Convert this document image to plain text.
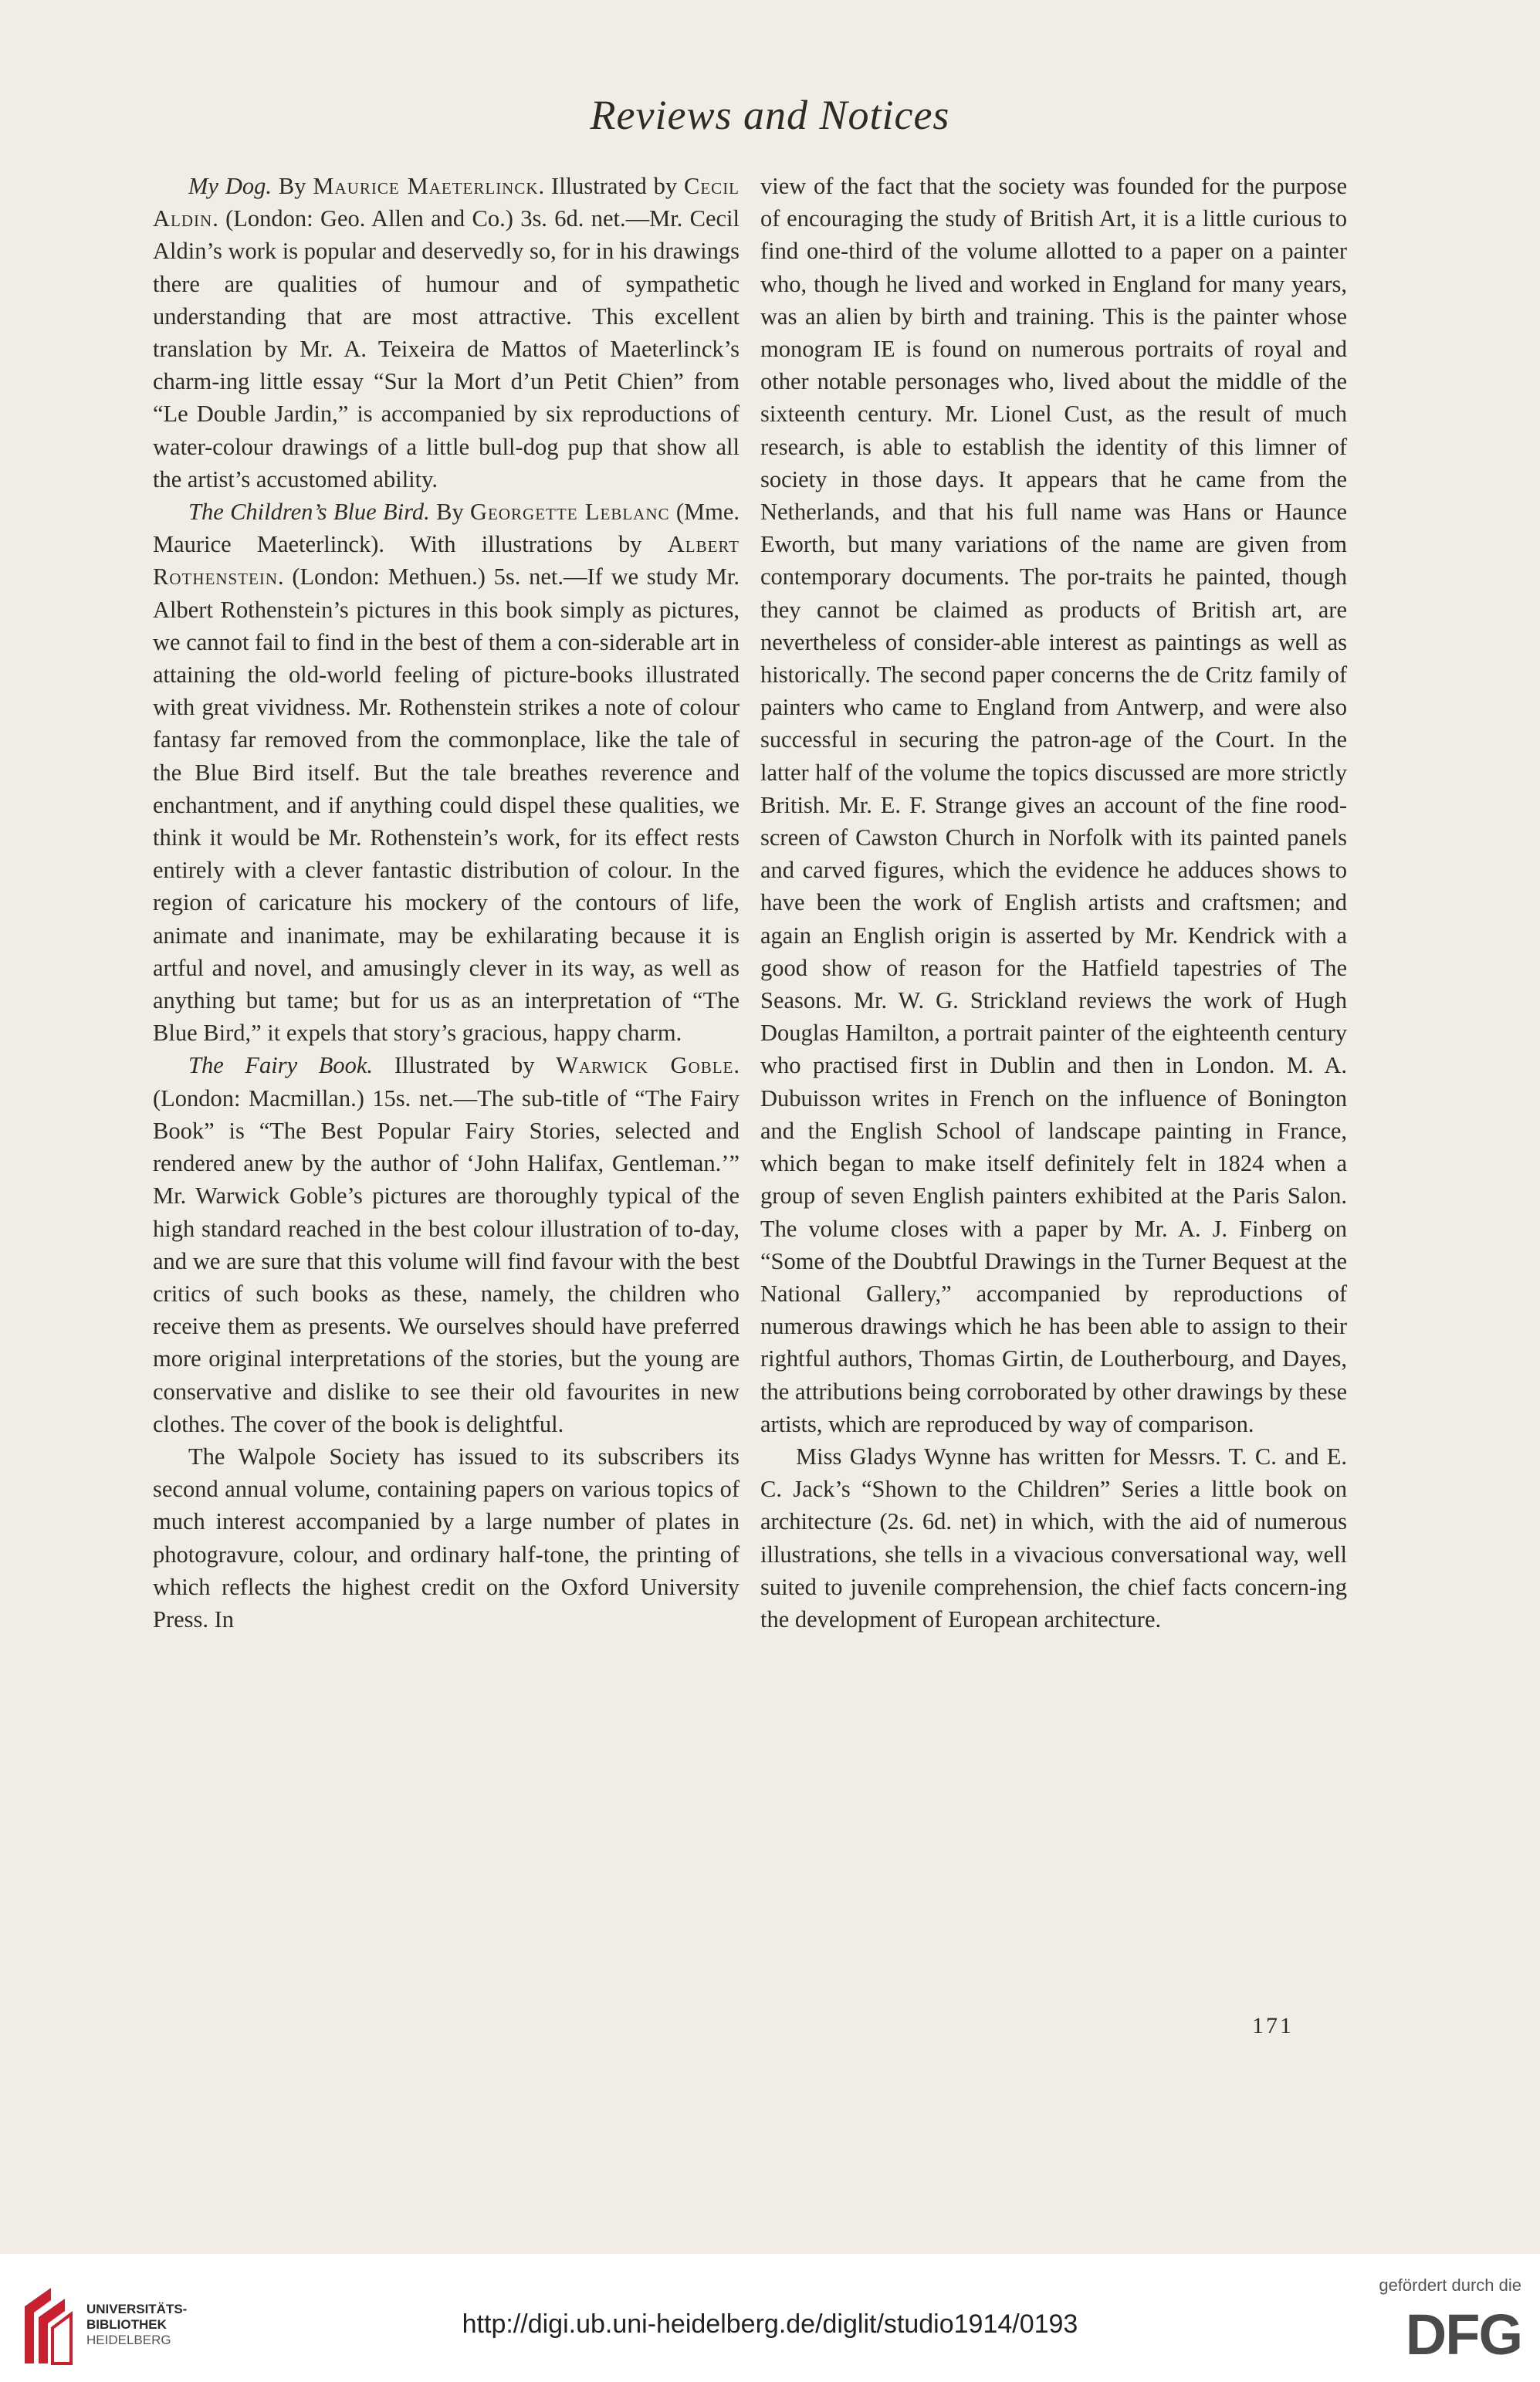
Reviews and Notices

My Dog. By Maurice Maeterlinck. Illustrated by Cecil Aldin. (London: Geo. Allen and Co.) 3s. 6d. net.—Mr. Cecil Aldin’s work is popular and deservedly so, for in his drawings there are qualities of humour and of sympathetic understanding that are most attractive. This excellent translation by Mr. A. Teixeira de Mattos of Maeterlinck’s charm-ing little essay “Sur la Mort d’un Petit Chien” from “Le Double Jardin,” is accompanied by six reproductions of water-colour drawings of a little bull-dog pup that show all the artist’s accustomed ability.

The Children’s Blue Bird. By Georgette Leblanc (Mme. Maurice Maeterlinck). With illustrations by Albert Rothenstein. (London: Methuen.) 5s. net.—If we study Mr. Albert Rothenstein’s pictures in this book simply as pictures, we cannot fail to find in the best of them a con-siderable art in attaining the old-world feeling of picture-books illustrated with great vividness. Mr. Rothenstein strikes a note of colour fantasy far removed from the commonplace, like the tale of the Blue Bird itself. But the tale breathes reverence and enchantment, and if anything could dispel these qualities, we think it would be Mr. Rothenstein’s work, for its effect rests entirely with a clever fantastic distribution of colour. In the region of caricature his mockery of the contours of life, animate and inanimate, may be exhilarating because it is artful and novel, and amusingly clever in its way, as well as anything but tame; but for us as an interpretation of “The Blue Bird,” it expels that story’s gracious, happy charm.

The Fairy Book. Illustrated by Warwick Goble. (London: Macmillan.) 15s. net.—The sub-title of “The Fairy Book” is “The Best Popular Fairy Stories, selected and rendered anew by the author of ‘John Halifax, Gentleman.’” Mr. Warwick Goble’s pictures are thoroughly typical of the high standard reached in the best colour illustration of to-day, and we are sure that this volume will find favour with the best critics of such books as these, namely, the children who receive them as presents. We ourselves should have preferred more original interpretations of the stories, but the young are conservative and dislike to see their old favourites in new clothes. The cover of the book is delightful.

The Walpole Society has issued to its subscribers its second annual volume, containing papers on various topics of much interest accompanied by a large number of plates in photogravure, colour, and ordinary half-tone, the printing of which reflects the highest credit on the Oxford University Press. In

view of the fact that the society was founded for the purpose of encouraging the study of British Art, it is a little curious to find one-third of the volume allotted to a paper on a painter who, though he lived and worked in England for many years, was an alien by birth and training. This is the painter whose monogram IE is found on numerous portraits of royal and other notable personages who, lived about the middle of the sixteenth century. Mr. Lionel Cust, as the result of much research, is able to establish the identity of this limner of society in those days. It appears that he came from the Netherlands, and that his full name was Hans or Haunce Eworth, but many variations of the name are given from contemporary documents. The por-traits he painted, though they cannot be claimed as products of British art, are nevertheless of consider-able interest as paintings as well as historically. The second paper concerns the de Critz family of painters who came to England from Antwerp, and were also successful in securing the patron-age of the Court. In the latter half of the volume the topics discussed are more strictly British. Mr. E. F. Strange gives an account of the fine rood-screen of Cawston Church in Norfolk with its painted panels and carved figures, which the evidence he adduces shows to have been the work of English artists and craftsmen; and again an English origin is asserted by Mr. Kendrick with a good show of reason for the Hatfield tapestries of The Seasons. Mr. W. G. Strickland reviews the work of Hugh Douglas Hamilton, a portrait painter of the eighteenth century who practised first in Dublin and then in London. M. A. Dubuisson writes in French on the influence of Bonington and the English School of landscape painting in France, which began to make itself definitely felt in 1824 when a group of seven English painters exhibited at the Paris Salon. The volume closes with a paper by Mr. A. J. Finberg on “Some of the Doubtful Drawings in the Turner Bequest at the National Gallery,” accompanied by reproductions of numerous drawings which he has been able to assign to their rightful authors, Thomas Girtin, de Loutherbourg, and Dayes, the attributions being corroborated by other drawings by these artists, which are reproduced by way of comparison.

Miss Gladys Wynne has written for Messrs. T. C. and E. C. Jack’s “Shown to the Children” Series a little book on architecture (2s. 6d. net) in which, with the aid of numerous illustrations, she tells in a vivacious conversational way, well suited to juvenile comprehension, the chief facts concern-ing the development of European architecture.

171
UNIVERSITÄTS-
BIBLIOTHEK
HEIDELBERG
http://digi.ub.uni-heidelberg.de/diglit/studio1914/0193
gefördert durch die
DFG
